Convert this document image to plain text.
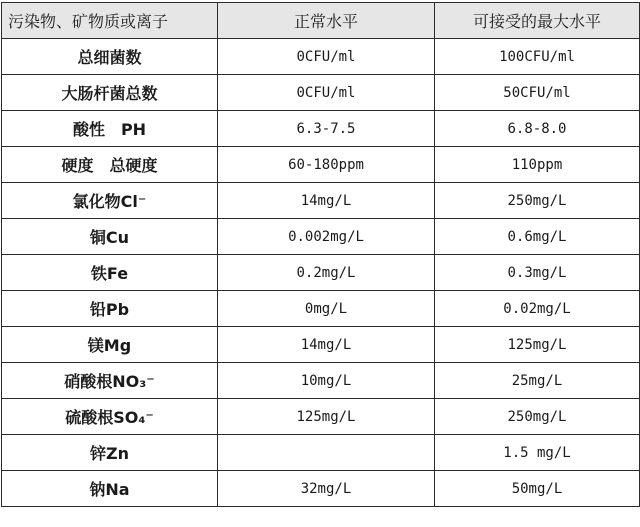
污染物、矿物质或离子	正常水平	可接受的最大水平
总细菌数	0CFU/ml	100CFU/ml
大肠杆菌总数	0CFU/ml	50CFU/ml
酸性　PH	6.3-7.5	6.8-8.0
硬度　总硬度	60-180ppm	110ppm
氯化物Cl⁻	14mg/L	250mg/L
铜Cu	0.002mg/L	0.6mg/L
铁Fe	0.2mg/L	0.3mg/L
铅Pb	0mg/L	0.02mg/L
镁Mg	14mg/L	125mg/L
硝酸根NO₃⁻	10mg/L	25mg/L
硫酸根SO₄⁻	125mg/L	250mg/L
锌Zn		1.5 mg/L
钠Na	32mg/L	50mg/L
